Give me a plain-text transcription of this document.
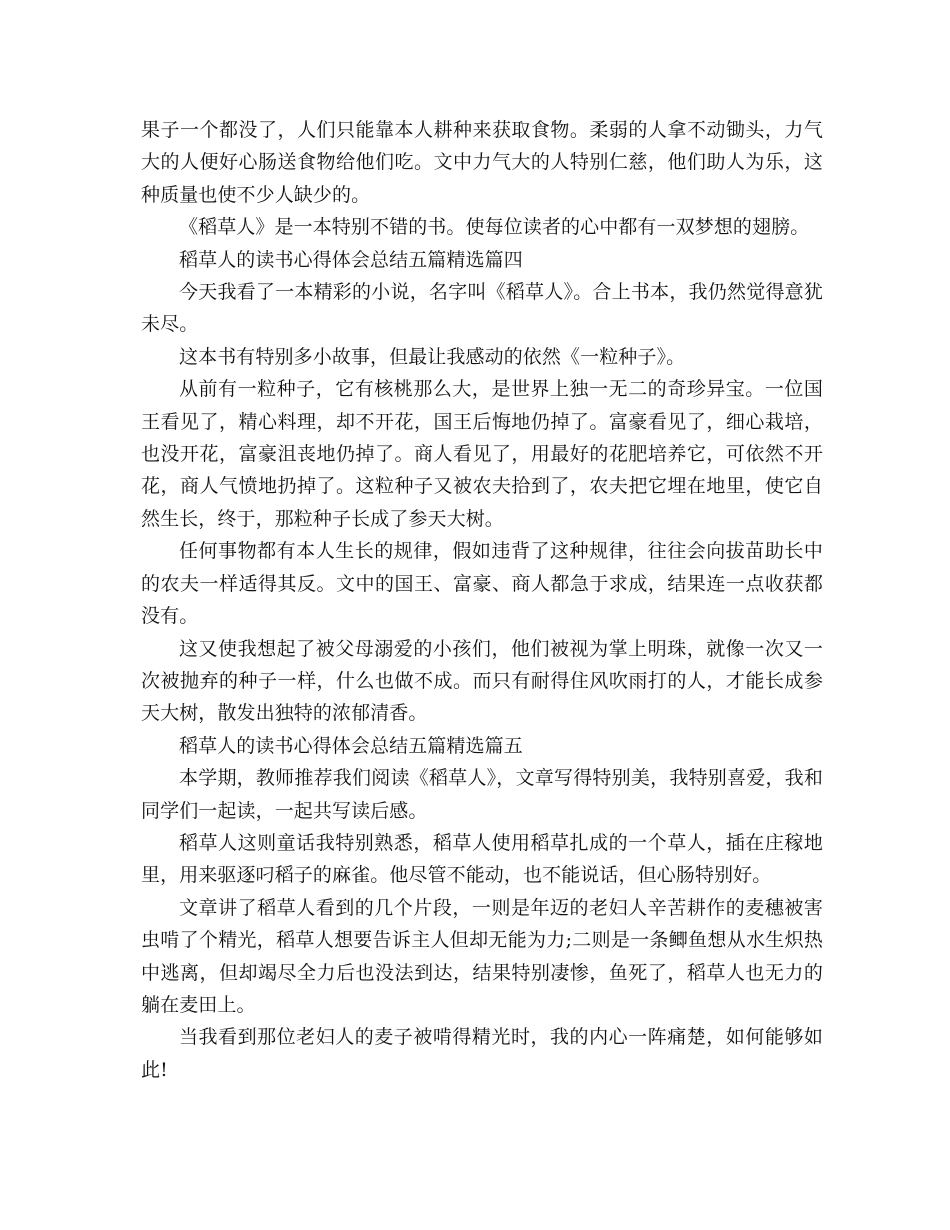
果子一个都没了，人们只能靠本人耕种来获取食物。柔弱的人拿不动锄头，力气大的人便好心肠送食物给他们吃。文中力气大的人特别仁慈，他们助人为乐，这种质量也使不少人缺少的。

《稻草人》是一本特别不错的书。使每位读者的心中都有一双梦想的翅膀。

稻草人的读书心得体会总结五篇精选篇四

今天我看了一本精彩的小说，名字叫《稻草人》。合上书本，我仍然觉得意犹未尽。

这本书有特别多小故事，但最让我感动的依然《一粒种子》。

从前有一粒种子，它有核桃那么大，是世界上独一无二的奇珍异宝。一位国王看见了，精心料理，却不开花，国王后悔地仍掉了。富豪看见了，细心栽培，也没开花，富豪沮丧地仍掉了。商人看见了，用最好的花肥培养它，可依然不开花，商人气愤地扔掉了。这粒种子又被农夫拾到了，农夫把它埋在地里，使它自然生长，终于，那粒种子长成了参天大树。

任何事物都有本人生长的规律，假如违背了这种规律，往往会向拔苗助长中的农夫一样适得其反。文中的国王、富豪、商人都急于求成，结果连一点收获都没有。

这又使我想起了被父母溺爱的小孩们，他们被视为掌上明珠，就像一次又一次被抛弃的种子一样，什么也做不成。而只有耐得住风吹雨打的人，才能长成参天大树，散发出独特的浓郁清香。

稻草人的读书心得体会总结五篇精选篇五

本学期，教师推荐我们阅读《稻草人》，文章写得特别美，我特别喜爱，我和同学们一起读，一起共写读后感。

稻草人这则童话我特别熟悉，稻草人使用稻草扎成的一个草人，插在庄稼地里，用来驱逐叼稻子的麻雀。他尽管不能动，也不能说话，但心肠特别好。

文章讲了稻草人看到的几个片段，一则是年迈的老妇人辛苦耕作的麦穗被害虫啃了个精光，稻草人想要告诉主人但却无能为力;二则是一条鲫鱼想从水生炽热中逃离，但却竭尽全力后也没法到达，结果特别凄惨，鱼死了，稻草人也无力的躺在麦田上。

当我看到那位老妇人的麦子被啃得精光时，我的内心一阵痛楚，如何能够如此!
